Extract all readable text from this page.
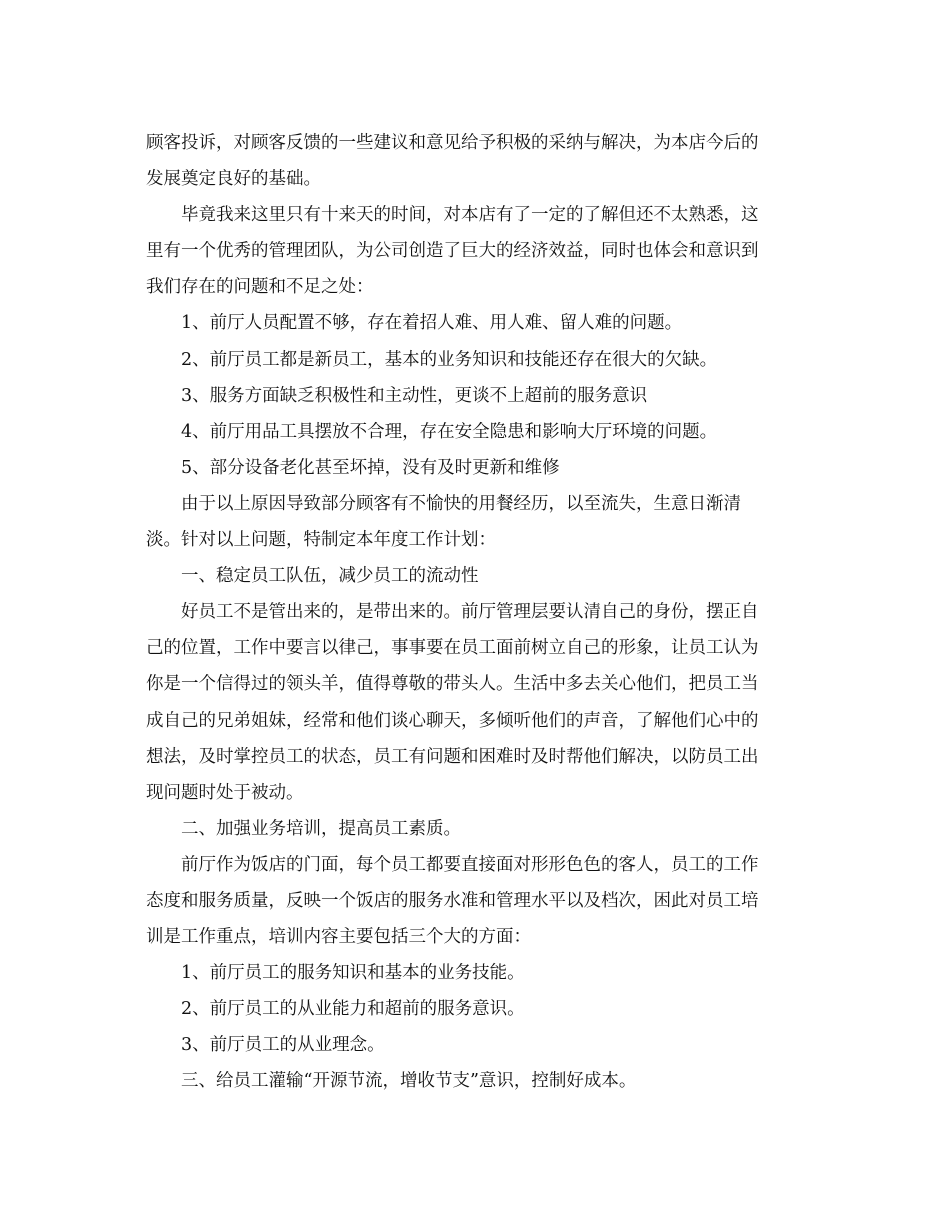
顾客投诉，对顾客反馈的一些建议和意见给予积极的采纳与解决，为本店今后的
发展奠定良好的基础。

毕竟我来这里只有十来天的时间，对本店有了一定的了解但还不太熟悉，这

里有一个优秀的管理团队，为公司创造了巨大的经济效益，同时也体会和意识到
我们存在的问题和不足之处：

1、前厅人员配置不够，存在着招人难、用人难、留人难的问题。

2、前厅员工都是新员工，基本的业务知识和技能还存在很大的欠缺。

3、服务方面缺乏积极性和主动性，更谈不上超前的服务意识

4、前厅用品工具摆放不合理，存在安全隐患和影响大厅环境的问题。

5、部分设备老化甚至坏掉，没有及时更新和维修

由于以上原因导致部分顾客有不愉快的用餐经历，以至流失，生意日渐清

淡。针对以上问题，特制定本年度工作计划：

一、稳定员工队伍，减少员工的流动性

好员工不是管出来的，是带出来的。前厅管理层要认清自己的身份，摆正自

己的位置，工作中要言以律己，事事要在员工面前树立自己的形象，让员工认为
你是一个信得过的领头羊，值得尊敬的带头人。生活中多去关心他们，把员工当
成自己的兄弟姐妹，经常和他们谈心聊天，多倾听他们的声音，了解他们心中的
想法，及时掌控员工的状态，员工有问题和困难时及时帮他们解决，以防员工出
现问题时处于被动。

二、加强业务培训，提高员工素质。

前厅作为饭店的门面，每个员工都要直接面对形形色色的客人，员工的工作

态度和服务质量，反映一个饭店的服务水准和管理水平以及档次，困此对员工培
训是工作重点，培训内容主要包括三个大的方面：

1、前厅员工的服务知识和基本的业务技能。

2、前厅员工的从业能力和超前的服务意识。

3、前厅员工的从业理念。

三、给员工灌输“开源节流，增收节支”意识，控制好成本。
